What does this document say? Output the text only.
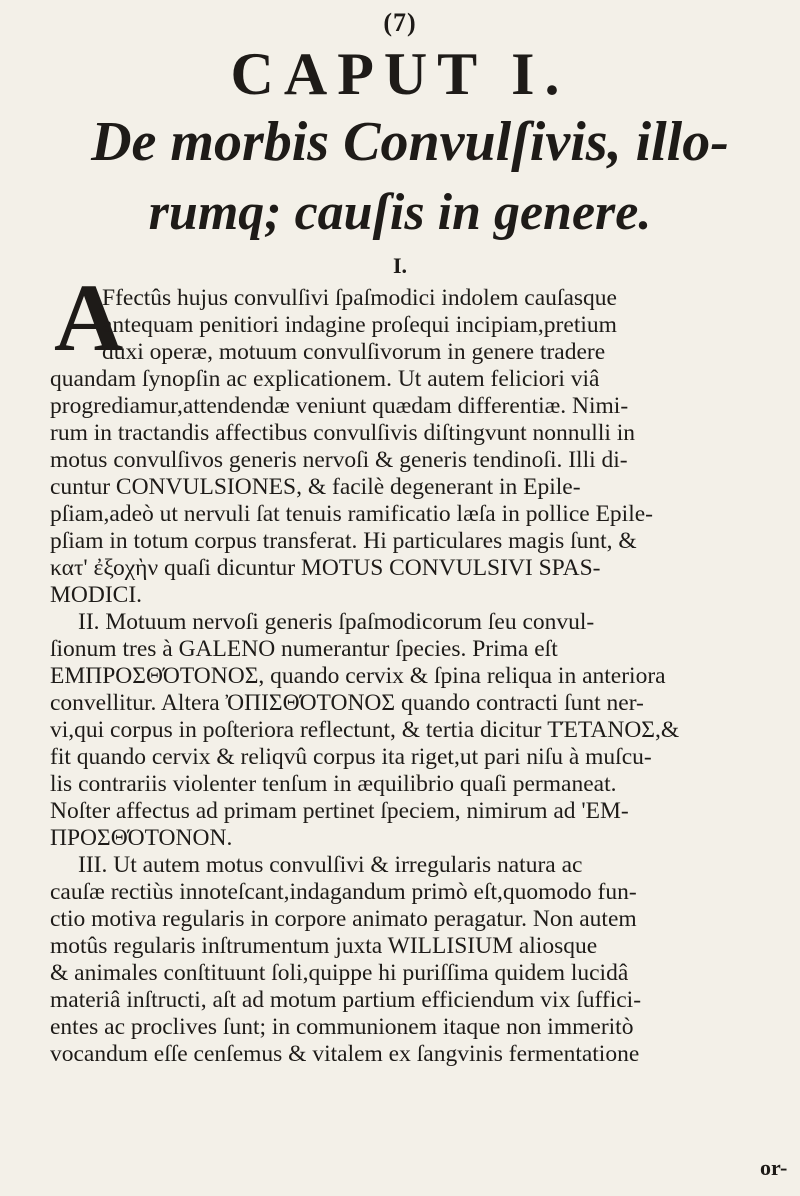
(7)
CAPUT I.
De morbis Convulſivis, illo-
rumq; cauſis in genere.
I.
A
Ffectûs hujus convulſivi ſpaſmodici indolem cauſasque
antequam penitiori indagine proſequi incipiam,pretium
duxi operæ, motuum convulſivorum in genere tradere
quandam ſynopſin ac explicationem. Ut autem feliciori viâ
progrediamur,attendendæ veniunt quædam differentiæ. Nimi-
rum in tractandis affectibus convulſivis diſtingvunt nonnulli in
motus convulſivos generis nervoſi & generis tendinoſi. Illi di-
cuntur CONVULSIONES, & facilè degenerant in Epile-
pſiam,adeò ut nervuli ſat tenuis ramificatio læſa in pollice Epile-
pſiam in totum corpus transferat. Hi particulares magis ſunt, &
κατ' ἐξοχὴν quaſi dicuntur MOTUS CONVULSIVI SPAS-
MODICI.
II. Motuum nervoſi generis ſpaſmodicorum ſeu convul-
ſionum tres à GALENO numerantur ſpecies. Prima eſt
ΕΜΠΡΟΣΘΌΤΟΝΟΣ, quando cervix & ſpina reliqua in anteriora
convellitur. Altera ὈΠΙΣΘΌΤΟΝΟΣ quando contracti ſunt ner-
vi,qui corpus in poſteriora reflectunt, & tertia dicitur ΤΈΤΑΝΟΣ,&
fit quando cervix & reliqvû corpus ita riget,ut pari niſu à muſcu-
lis contrariis violenter tenſum in æquilibrio quaſi permaneat.
Noſter affectus ad primam pertinet ſpeciem, nimirum ad 'ΕΜ-
ΠΡΟΣΘΌΤΟΝΟΝ.
III. Ut autem motus convulſivi & irregularis natura ac
cauſæ rectiùs innoteſcant,indagandum primò eſt,quomodo fun-
ctio motiva regularis in corpore animato peragatur. Non autem
motûs regularis inſtrumentum juxta WILLISIUM aliosque
& animales conſtituunt ſoli,quippe hi puriſſima quidem lucidâ
materiâ inſtructi, aſt ad motum partium efficiendum vix ſuffici-
entes ac proclives ſunt; in communionem itaque non immeritò
vocandum eſſe cenſemus & vitalem ex ſangvinis fermentatione
or-
